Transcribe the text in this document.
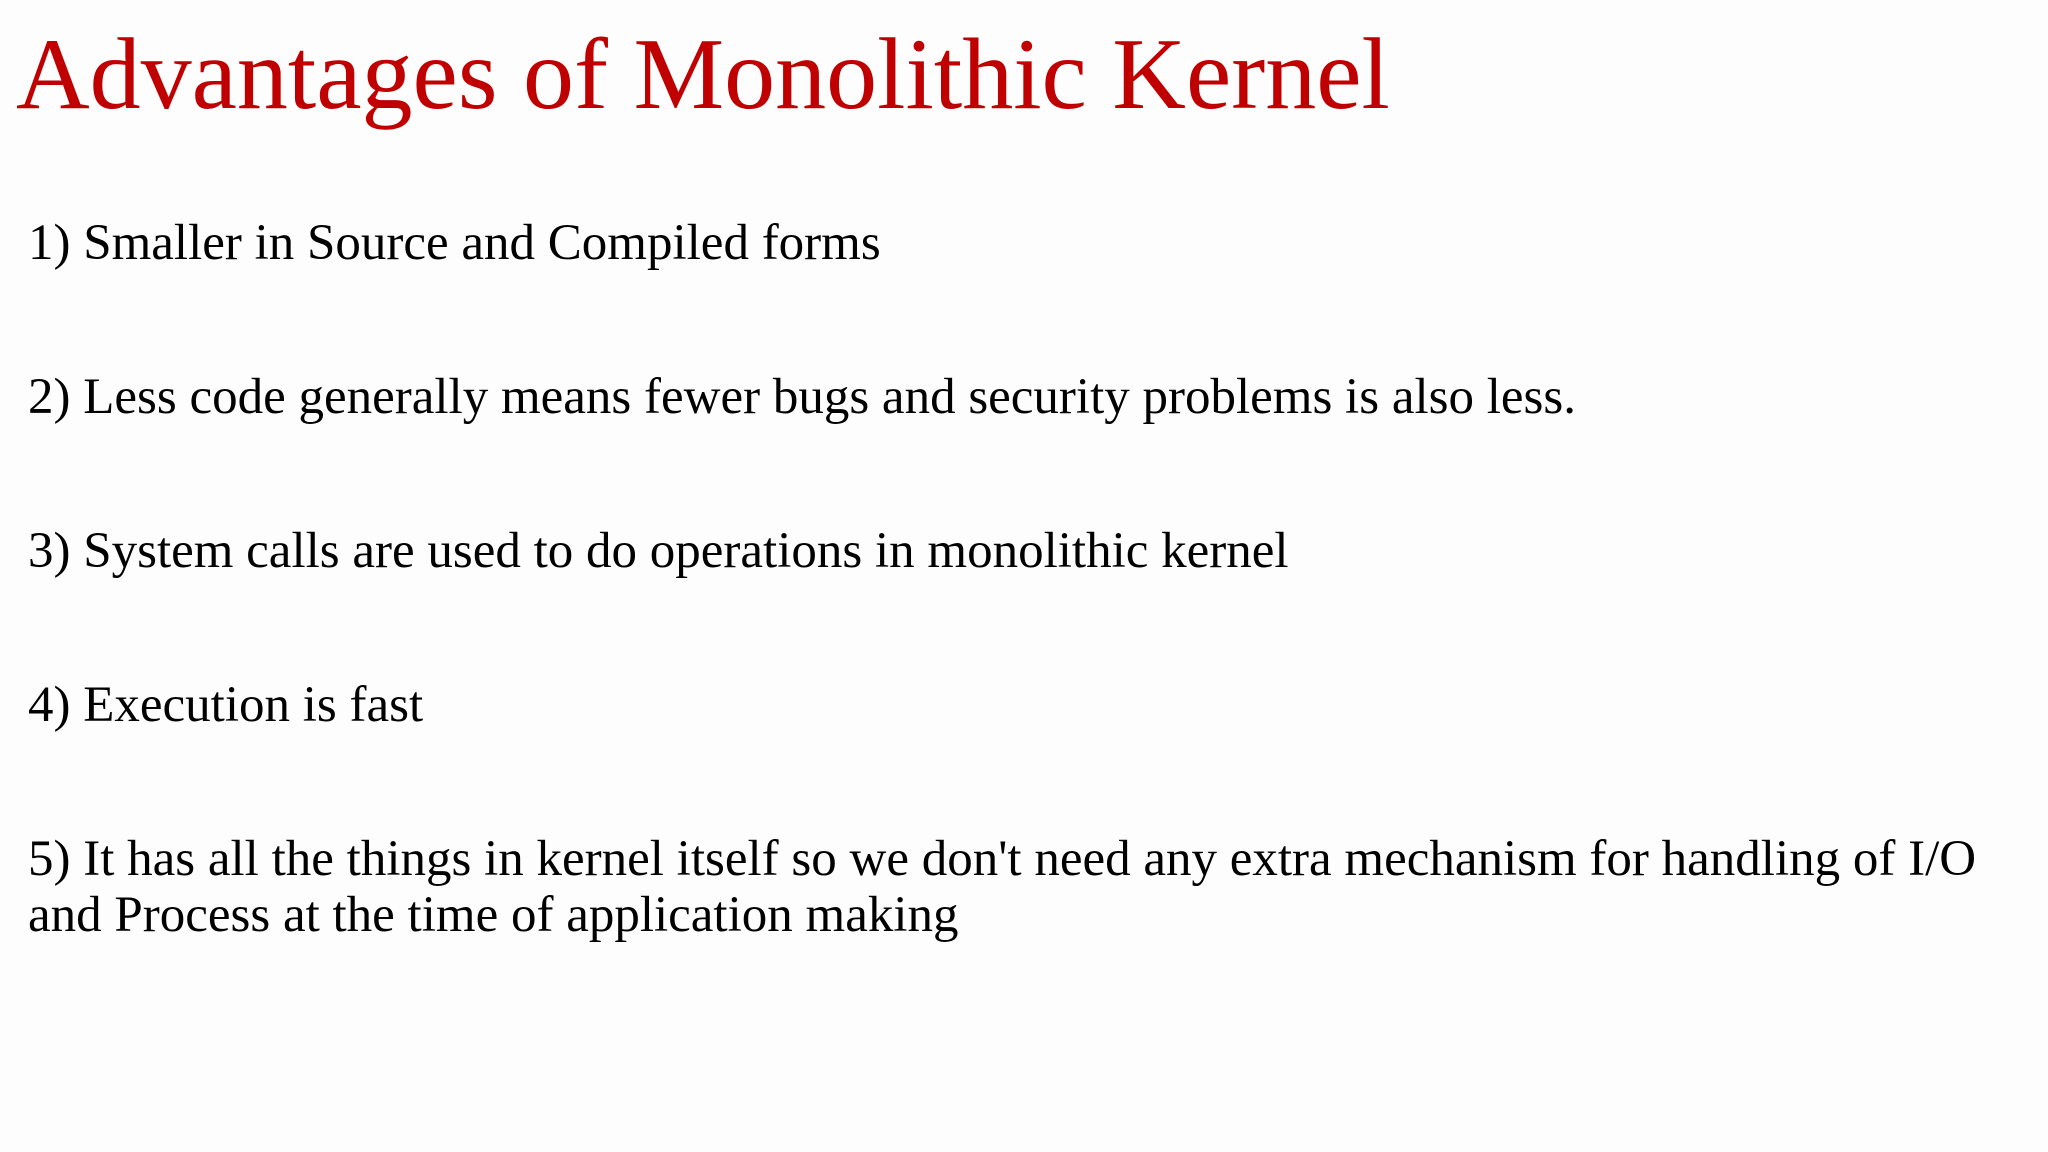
Advantages of Monolithic Kernel
1) Smaller in Source and Compiled forms
2) Less code generally means fewer bugs and security problems is also less.
3) System calls are used to do operations in monolithic kernel
4) Execution is fast
5) It has all the things in kernel itself so we don't need any extra mechanism for handling of I/O
and Process at the time of application making
